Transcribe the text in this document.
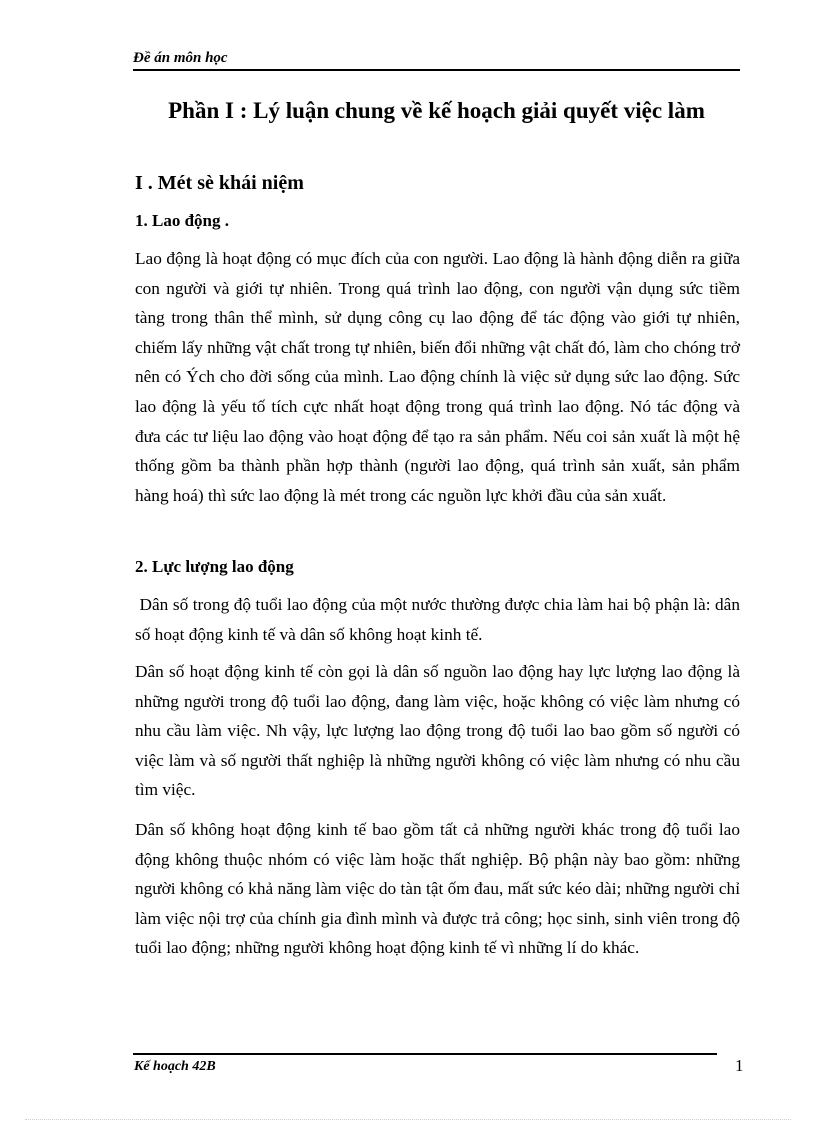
Đề án môn học
Phần I : Lý luận chung về kế hoạch giải quyết việc làm
I . Mét sè khái niệm
1. Lao động .

Lao động là hoạt động có mục đích của con người. Lao động là hành động diễn ra giữa con người và giới tự nhiên. Trong quá trình lao động, con người vận dụng sức tiềm tàng trong thân thể mình, sử dụng công cụ lao động để tác động vào giới tự nhiên, chiếm lấy những vật chất trong tự nhiên, biến đổi những vật chất đó, làm cho chóng trở nên có Ých cho đời sống của mình. Lao động chính là việc sử dụng sức lao động. Sức lao động là yếu tố tích cực nhất hoạt động trong quá trình lao động. Nó tác động và đưa các tư liệu lao động vào hoạt động để tạo ra sản phẩm. Nếu coi sản xuất là một hệ thống gồm ba thành phần hợp thành (người lao động, quá trình sản xuất, sản phẩm hàng hoá) thì sức lao động là mét trong các nguồn lực khởi đầu của sản xuất.

2. Lực lượng lao động

Dân số trong độ tuổi lao động của một nước thường được chia làm hai bộ phận là: dân số hoạt động kinh tế và dân số không hoạt kinh tế.

Dân số hoạt động kinh tế còn gọi là dân số nguồn lao động hay lực lượng lao động là những người trong độ tuổi lao động, đang làm việc, hoặc không có việc làm nhưng có nhu cầu làm việc. Nh vậy, lực lượng lao động trong độ tuổi lao bao gồm số người có việc làm và số người thất nghiệp là những người không có việc làm nhưng có nhu cầu tìm việc.

Dân số không hoạt động kinh tế bao gồm tất cả những người khác trong độ tuổi lao động không thuộc nhóm có việc làm hoặc thất nghiệp. Bộ phận này bao gồm: những người không có khả năng làm việc do tàn tật ốm đau, mất sức kéo dài; những người chỉ làm việc nội trợ của chính gia đình mình và được trả công; học sinh, sinh viên trong độ tuổi lao động; những người không hoạt động kinh tế vì những lí do khác.

Kế hoạch 42B	1
